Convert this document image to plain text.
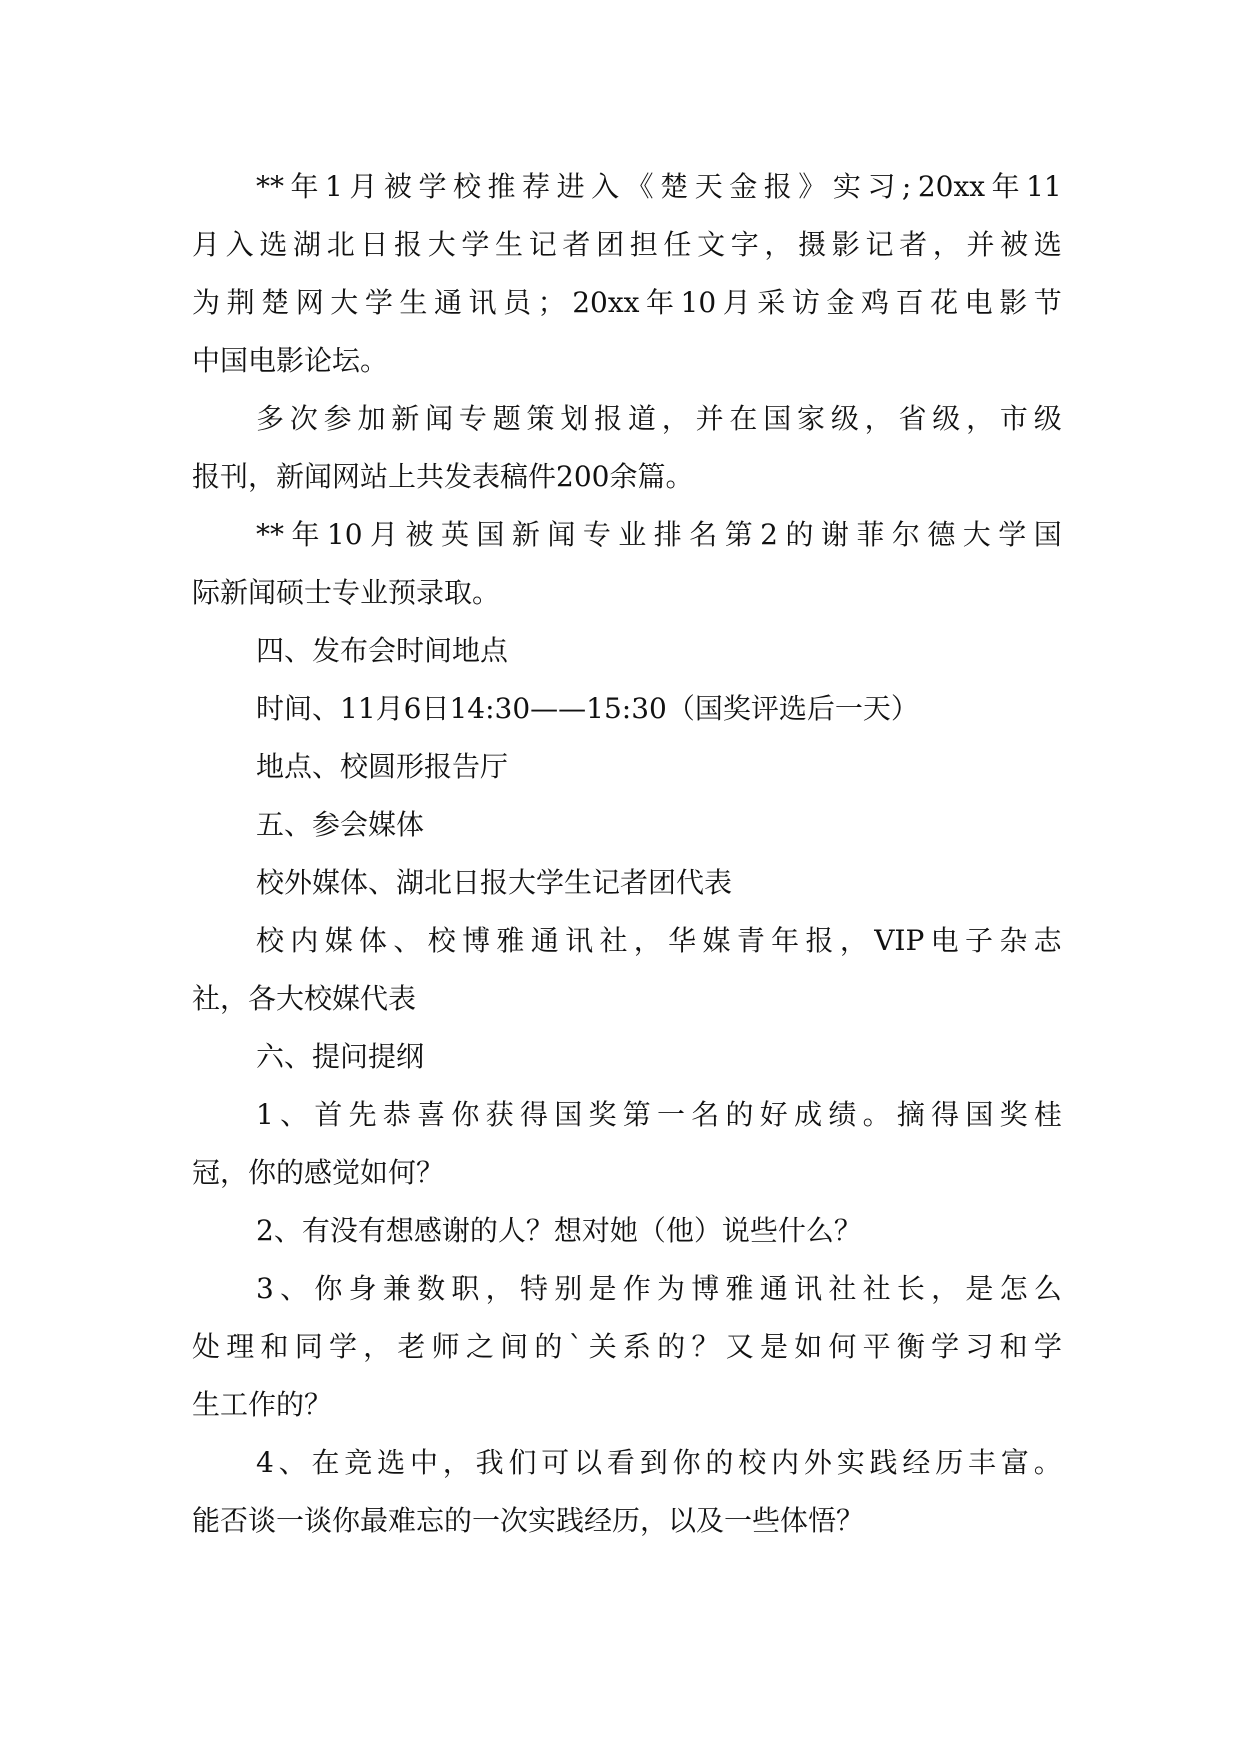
** 年 1 月 被 学 校 推 荐 进 入 《 楚 天 金 报 》 实 习 ; 20xx 年 11
月 入 选 湖 北 日 报 大 学 生 记 者 团 担 任 文 字 ， 摄 影 记 者 ， 并 被 选
为 荆 楚 网 大 学 生 通 讯 员 ； 20xx 年 10 月 采 访 金 鸡 百 花 电 影 节
中国电影论坛。
多 次 参 加 新 闻 专 题 策 划 报 道 ， 并 在 国 家 级 ， 省 级 ， 市 级
报刊，新闻网站上共发表稿件200余篇。
** 年 10 月 被 英 国 新 闻 专 业 排 名 第 2 的 谢 菲 尔 德 大 学 国
际新闻硕士专业预录取。
四、发布会时间地点
时间、11月6日14:30——15:30（国奖评选后一天）
地点、校圆形报告厅
五、参会媒体
校外媒体、湖北日报大学生记者团代表
校 内 媒 体 、 校 博 雅 通 讯 社 ， 华 媒 青 年 报 ， VIP 电 子 杂 志
社，各大校媒代表
六、提问提纲
1 、 首 先 恭 喜 你 获 得 国 奖 第 一 名 的 好 成 绩 。 摘 得 国 奖 桂
冠，你的感觉如何？
2、有没有想感谢的人？想对她（他）说些什么？
3 、 你 身 兼 数 职 ， 特 别 是 作 为 博 雅 通 讯 社 社 长 ， 是 怎 么
处 理 和 同 学 ， 老 师 之 间 的 ` 关 系 的 ？ 又 是 如 何 平 衡 学 习 和 学
生工作的？
4 、 在 竞 选 中 ， 我 们 可 以 看 到 你 的 校 内 外 实 践 经 历 丰 富 。
能否谈一谈你最难忘的一次实践经历，以及一些体悟？
